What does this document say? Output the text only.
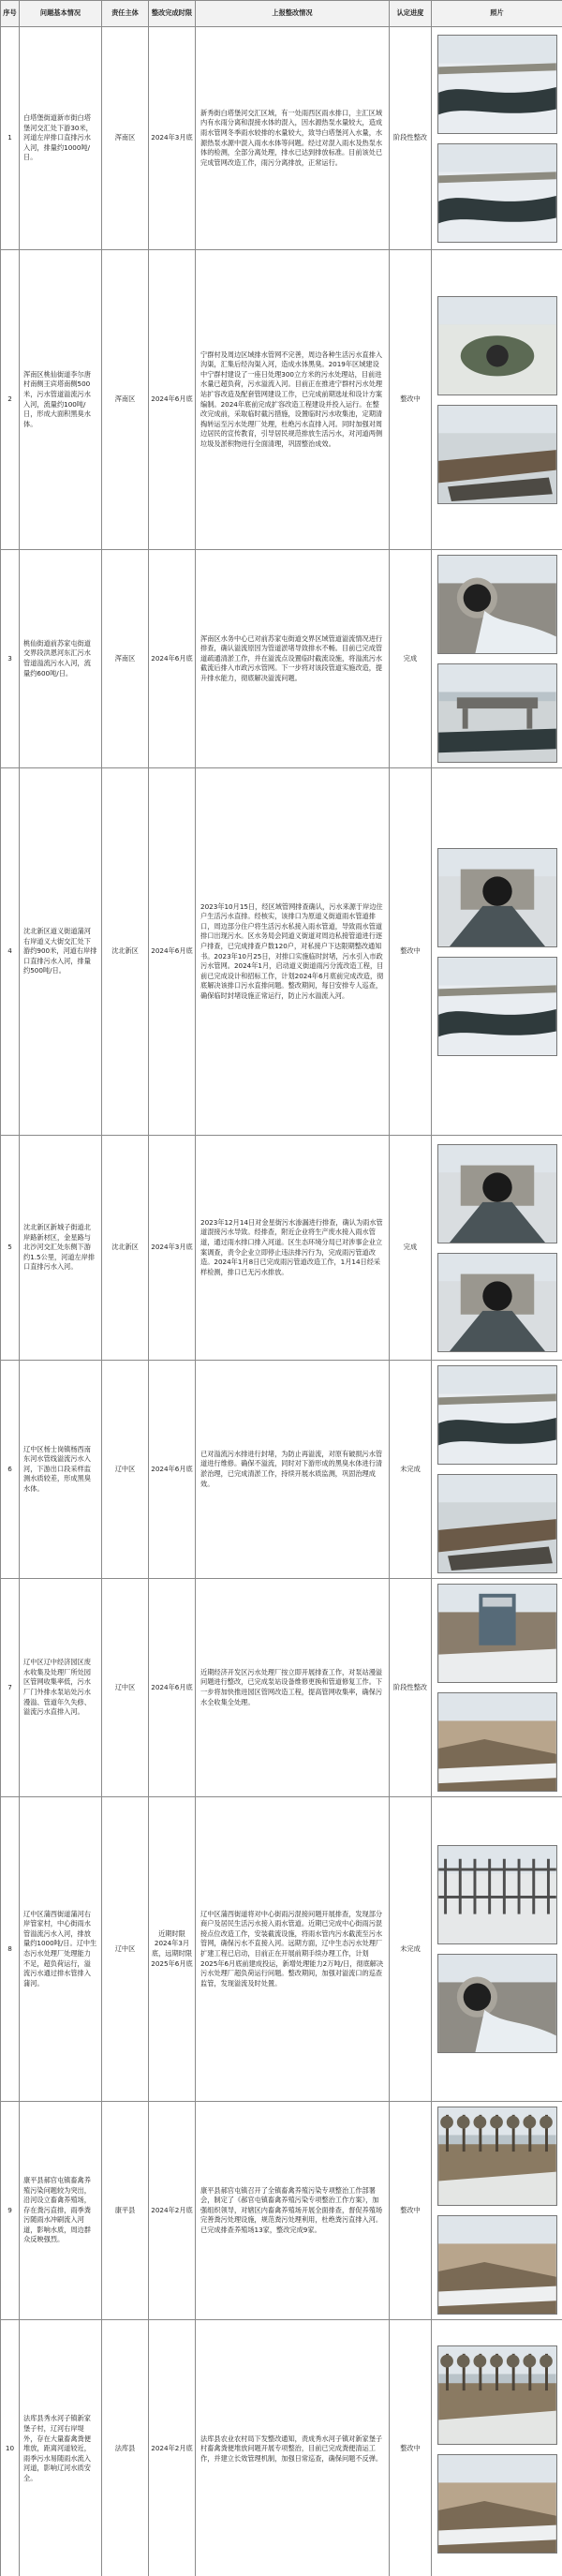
序号	问题基本情况	责任主体	整改完成时限	上报整改情况	认定进度	照片
1	白塔堡街道新市街白塔堡河交汇处下游30米，河道左岸排口直排污水入河，排量约1000吨/日。	浑南区	2024年3月底	新秀街白塔堡河交汇区域，有一处雨西区雨水排口，主汇区域内有水雨分离和混接水体的混入，因水源热泵水量较大，造成雨水管网冬季雨水较排的水量较大，致导白塔堡河入水量，水源热泵水源中混入雨水水体等问题。经过对混入雨水及热泵水体的检测，全部分离处理，排水已达到排放标准。目前该处已完成管网改造工作，雨污分离排放，正常运行。	阶段性整改	

2	浑南区桃仙街道李尔唐村南侧王宾塔南侧500米，污水管道溢流污水入河，流量约100吨/日，形成大面积黑臭水体。	浑南区	2024年6月底	宁群村及周边区域排水管网不完善，周边各种生活污水直排入沟渠，汇集后经沟渠入河，造成水体黑臭。2019年区域建设中宁群村建设了一座日处理300立方米的污水处理站，目前进水量已超负荷，污水溢流入河。目前正在推进宁群村污水处理站扩容改造及配套管网建设工作，已完成前期选址和设计方案编制。2024年底前完成扩容改造工程建设并投入运行。在整改完成前，采取临时截污措施，设置临时污水收集池，定期清掏转运至污水处理厂处理，杜绝污水直排入河。同时加强对周边居民的宣传教育，引导居民规范排放生活污水，对河道两侧垃圾及淤积物进行全面清理，巩固整治成效。	整改中	

3	桃仙街道前苏家屯街道交界段洪恩河东汇污水管道溢流污水入河，流量约600吨/日。	浑南区	2024年6月底	浑南区水务中心已对前苏家屯街道交界区域管道溢流情况进行排查，确认溢流原因为管道淤堵导致排水不畅。目前已完成管道疏通清淤工作，并在溢流点设置临时截流设施，将溢流污水截流后排入市政污水管网。下一步将对该段管道实施改造，提升排水能力，彻底解决溢流问题。	完成	

4	沈北新区道义街道蒲河右岸道义大街交汇处下游约900米，河道右岸排口直排污水入河，排量约500吨/日。	沈北新区	2024年6月底	2023年10月15日，经区域管网排查确认，污水来源于岸边住户生活污水直排。经核实，该排口为原道义街道雨水管道排口，周边部分住户将生活污水私接入雨水管道，导致雨水管道排口出现污水。区水务局会同道义街道对周边私接管道进行逐户排查，已完成排查户数120户，对私接户下达限期整改通知书。2023年10月25日，对排口实施临时封堵，污水引入市政污水管网。2024年1月，启动道义街道雨污分流改造工程，目前已完成设计和招标工作，计划2024年6月底前完成改造，彻底解决该排口污水直排问题。整改期间，每日安排专人巡查，确保临时封堵设施正常运行，防止污水溢流入河。	整改中	

5	沈北新区新城子街道北岸路新材区，金星路与北沙河交汇处东侧下游约1.5公里，河道左岸排口直排污水入河。	沈北新区	2024年3月底	2023年12月14日对金星街污水渗漏进行排查，确认为雨水管道混接污水导致。经排查，附近企业将生产废水接入雨水管道，通过雨水排口排入河道。区生态环境分局已对涉事企业立案调查，责令企业立即停止违法排污行为，完成雨污管道改造。2024年1月8日已完成雨污管道改造工作，1月14日经采样检测，排口已无污水排放。	完成	

6	辽中区杨士岗镇杨西南东河水管线溢流污水入河，下游出口段采样监测水质较差，形成黑臭水体。	辽中区	2024年6月底	已对溢流污水排进行封堵，为防止再溢流，对原有破损污水管道进行维修。确保不溢流，同时对下游形成的黑臭水体进行清淤治理，已完成清淤工作，持续开展水质监测，巩固治理成效。	未完成	

7	辽中区辽中经济园区废水收集及处理厂所处园区管网收集率低，污水厂门外排水泵站处污水漫溢、管道年久失修、溢流污水直排入河。	辽中区	2024年6月底	近期经济开发区污水处理厂按立即开展排查工作，对泵站漫溢问题进行整改，已完成泵站设备维修更换和管道修复工作。下一步将加快推进园区管网改造工程，提高管网收集率，确保污水全收集全处理。	阶段性整改	

8	辽中区蒲西街道蒲河右岸管家村，中心街雨水管溢流污水入河，排放量约1000吨/日。辽中生态污水处理厂处理能力不足，超负荷运行，溢流污水通过排水管排入蒲河。	辽中区	近期时限2024年3月底，远期时限2025年6月底	辽中区蒲西街道将对中心街雨污混接问题开展排查，发现部分商户及居民生活污水接入雨水管道。近期已完成中心街雨污混接点位改造工作，安装截流设施，将雨水管内污水截流至污水管网，确保污水不直接入河。远期方面，辽中生态污水处理厂扩建工程已启动，目前正在开展前期手续办理工作，计划2025年6月底前建成投运，新增处理能力2万吨/日，彻底解决污水处理厂超负荷运行问题。整改期间，加强对溢流口的巡查监管，发现溢流及时处置。	未完成	

9	康平县郝官屯镇畜禽养殖污染问题较为突出，沿河设立畜禽养殖场，存在粪污直排，雨季粪污随雨水冲刷流入河道，影响水质，周边群众反映强烈。	康平县	2024年2月底	康平县郝官屯镇召开了全镇畜禽养殖污染专项整治工作部署会，制定了《郝官屯镇畜禽养殖污染专项整治工作方案》，加强组织领导，对辖区内畜禽养殖场开展全面排查，督促养殖场完善粪污处理设施，规范粪污处理利用，杜绝粪污直排入河。已完成排查养殖场13家，整改完成9家。	整改中	

10	法库县秀水河子镇新家堡子村，辽河右岸堤外，存在大量畜禽粪便堆放，距离河道较近，雨季污水易随雨水流入河道，影响辽河水质安全。	法库县	2024年2月底	法库县农业农村局下发整改通知，责成秀水河子镇对新家堡子村畜禽粪便堆放问题开展专项整治，目前已完成粪便清运工作，并建立长效管理机制，加强日常巡查，确保问题不反弹。	整改中	
